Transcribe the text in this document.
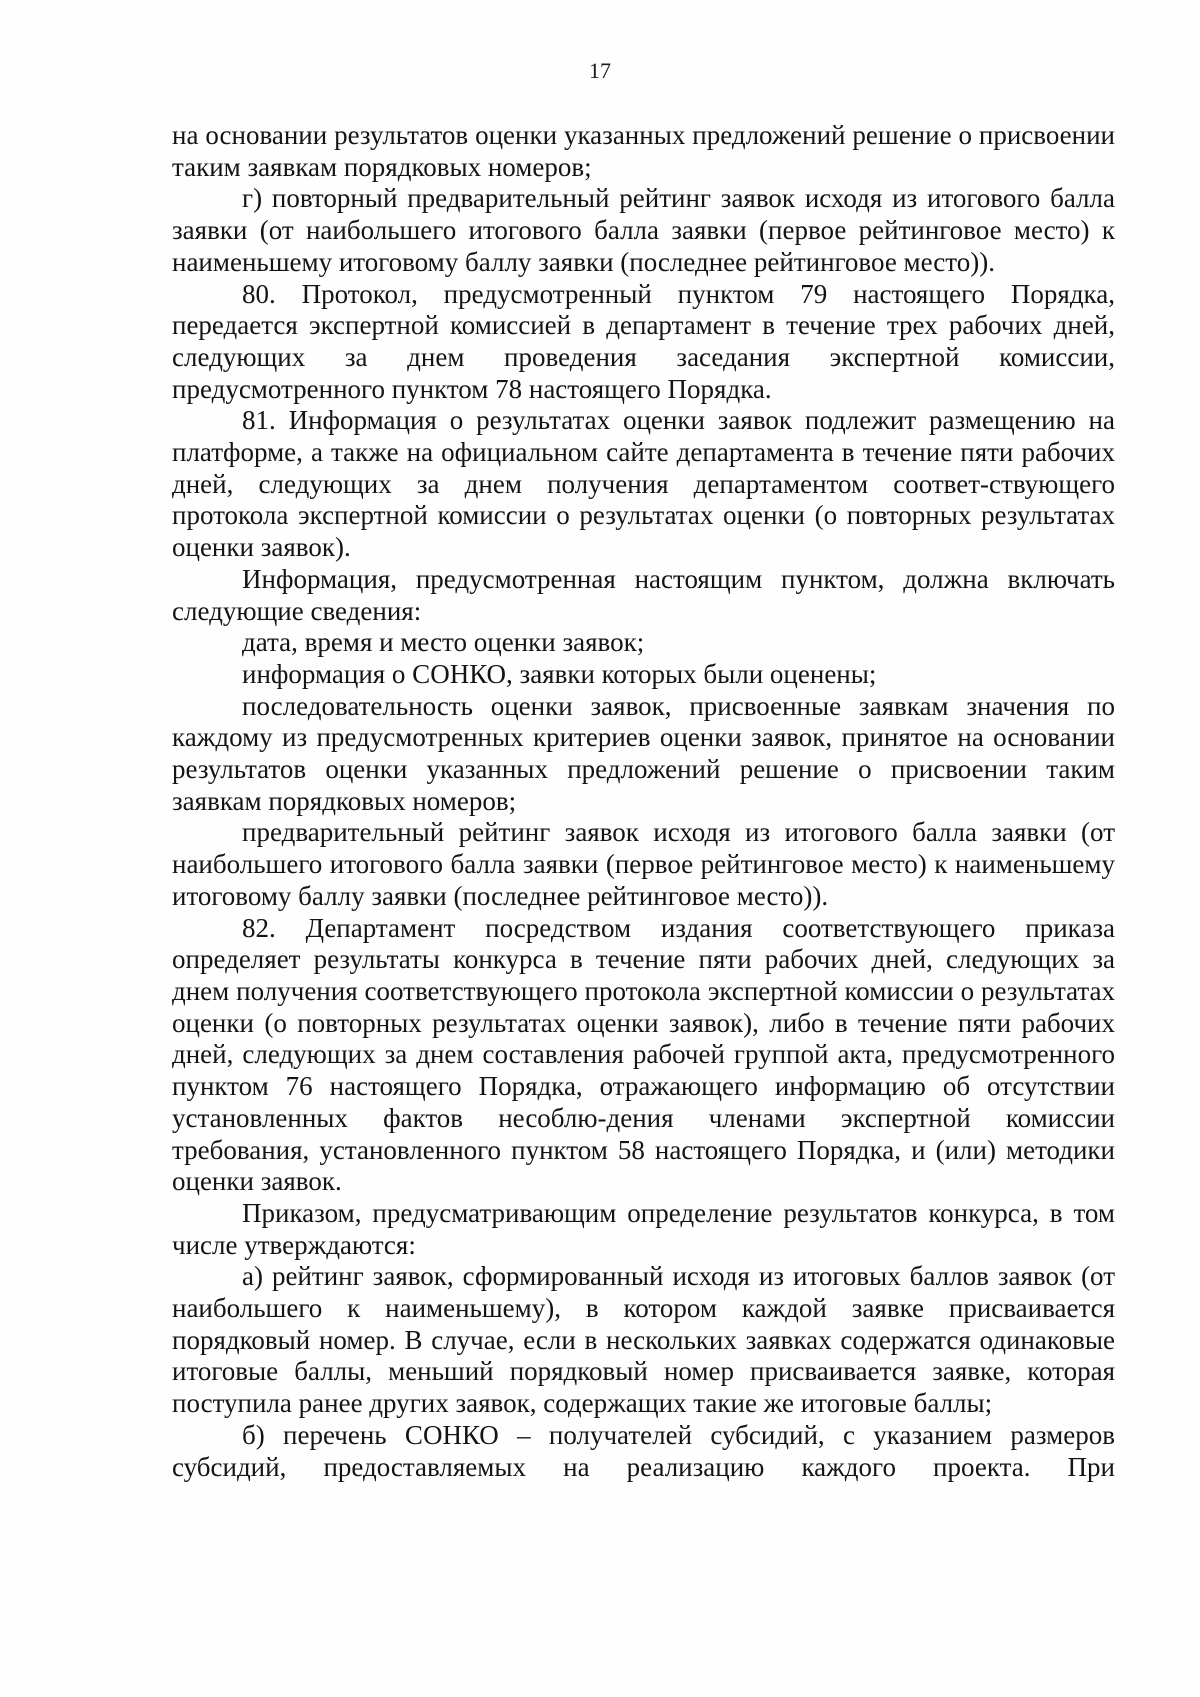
17

на основании результатов оценки указанных предложений решение о присвоении таким заявкам порядковых номеров;

г) повторный предварительный рейтинг заявок исходя из итогового балла заявки (от наибольшего итогового балла заявки (первое рейтинговое место) к наименьшему итоговому баллу заявки (последнее рейтинговое место)).

80. Протокол, предусмотренный пунктом 79 настоящего Порядка, передается экспертной комиссией в департамент в течение трех рабочих дней, следующих за днем проведения заседания экспертной комиссии, предусмотренного пунктом 78 настоящего Порядка.

81. Информация о результатах оценки заявок подлежит размещению на платформе, а также на официальном сайте департамента в течение пяти рабочих дней, следующих за днем получения департаментом соответ-ствующего протокола экспертной комиссии о результатах оценки (о повторных результатах оценки заявок).

Информация, предусмотренная настоящим пунктом, должна включать следующие сведения:

дата, время и место оценки заявок;

информация о СОНКО, заявки которых были оценены;

последовательность оценки заявок, присвоенные заявкам значения по каждому из предусмотренных критериев оценки заявок, принятое на основании результатов оценки указанных предложений решение о присвоении таким заявкам порядковых номеров;

предварительный рейтинг заявок исходя из итогового балла заявки (от наибольшего итогового балла заявки (первое рейтинговое место) к наименьшему итоговому баллу заявки (последнее рейтинговое место)).

82. Департамент посредством издания соответствующего приказа определяет результаты конкурса в течение пяти рабочих дней, следующих за днем получения соответствующего протокола экспертной комиссии о результатах оценки (о повторных результатах оценки заявок), либо в течение пяти рабочих дней, следующих за днем составления рабочей группой акта, предусмотренного пунктом 76 настоящего Порядка, отражающего информацию об отсутствии установленных фактов несоблю-дения членами экспертной комиссии требования, установленного пунктом 58 настоящего Порядка, и (или) методики оценки заявок.

Приказом, предусматривающим определение результатов конкурса, в том числе утверждаются:

а) рейтинг заявок, сформированный исходя из итоговых баллов заявок (от наибольшего к наименьшему), в котором каждой заявке присваивается порядковый номер. В случае, если в нескольких заявках содержатся одинаковые итоговые баллы, меньший порядковый номер присваивается заявке, которая поступила ранее других заявок, содержащих такие же итоговые баллы;

б) перечень СОНКО – получателей субсидий, с указанием размеров субсидий, предоставляемых на реализацию каждого проекта. При
